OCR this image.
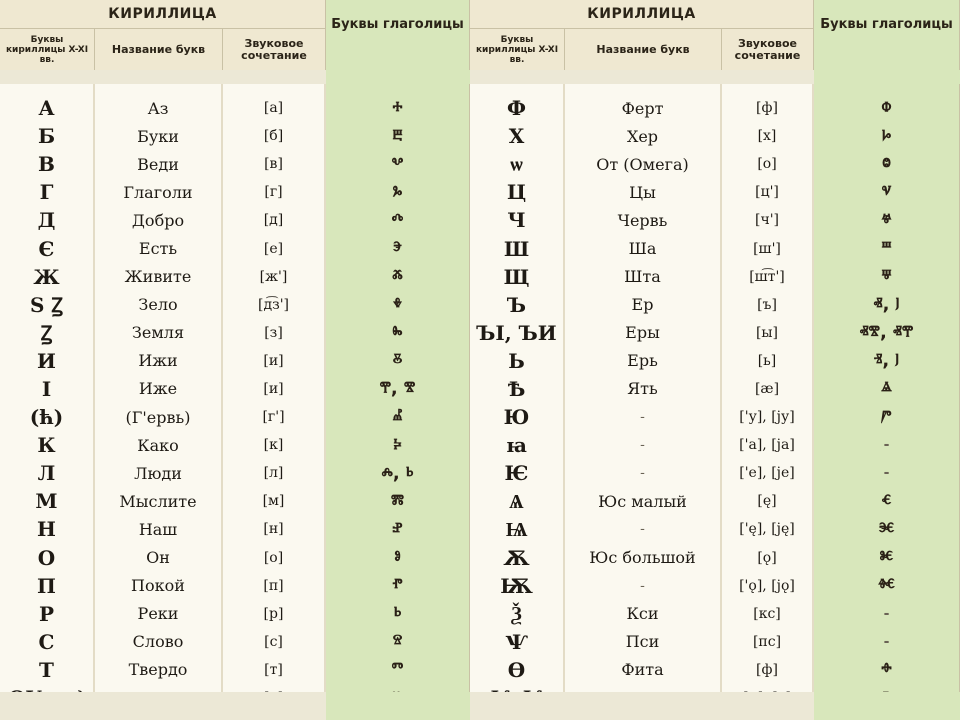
КИРИЛЛИЦА
Буквы глаголицы
КИРИЛЛИЦА
Буквы глаголицы
Буквы кириллицы X-XI вв.
Название букв	Звуковое сочетание
Буквы кириллицы X-XI вв.
Название букв	Звуковое сочетание
А
Б
В
Г
Д
Є
Ж
Ѕ Ꙁ
Ꙁ
И
І
(ћ)
К
Л
М
Н
О
П
Р
С
Т
Аз
Буки
Веди
Глаголи
Добро
Есть
Живите
Зело
Земля
Ижи
Иже
(Г'ервь)
Како
Люди
Мыслите
Наш
Он
Покой
Реки
Слово
Твердо
[а]
[б]
[в]
[г]
[д]
[е]
[ж']
[д͡з']
[з]
[и]
[и]
[г']
[к]
[л]
[м]
[н]
[о]
[п]
[р]
[с]
[т]
ⰰ
ⰱ
ⰲ
ⰳ
ⰴ
ⰵ
ⰶ
ⰷ
ⰸ
ⰻ
ⰹ, ⰺ
ⰼ
ⰽ
ⰾ, ⱃ
ⰿ
ⱀ
ⱁ
ⱂ
ⱃ
ⱄ
ⱅ
Ф
Х
ѡ
Ц
Ч
Ш
Щ
Ъ
ЪІ, ЪИ
Ь
Ѣ
Ю
ꙗ
Ѥ
Ѧ
Ѩ
Ѫ
Ѭ
Ѯ
Ѱ
Ѳ
Ферт
Хер
От (Омега)
Цы
Червь
Ша
Шта
Ер
Еры
Ерь
Ять
-
-
-
Юс малый
-
Юс большой
-
Кси
Пси
Фита
[ф]
[х]
[о]
[ц']
[ч']
[ш']
[ш͡т']
[ъ]
[ы]
[ь]
[æ]
['у], [jу]
['а], [jа]
['е], [jе]
[ę]
['ę], [ję]
[ǫ]
['ǫ], [jǫ]
[кс]
[пс]
[ф]
ⱇ
ⱈ
ⱉ
ⱌ
ⱍ
ⱎ
ⱋ
ⱏ, ⱜ
ⱏⰺ, ⱏⰹ
ⱐ, ⱜ
ⱑ
ⱓ
-
-
ⱔ
ⱗ
ⱘ
ⱙ
-
-
ⱚ
